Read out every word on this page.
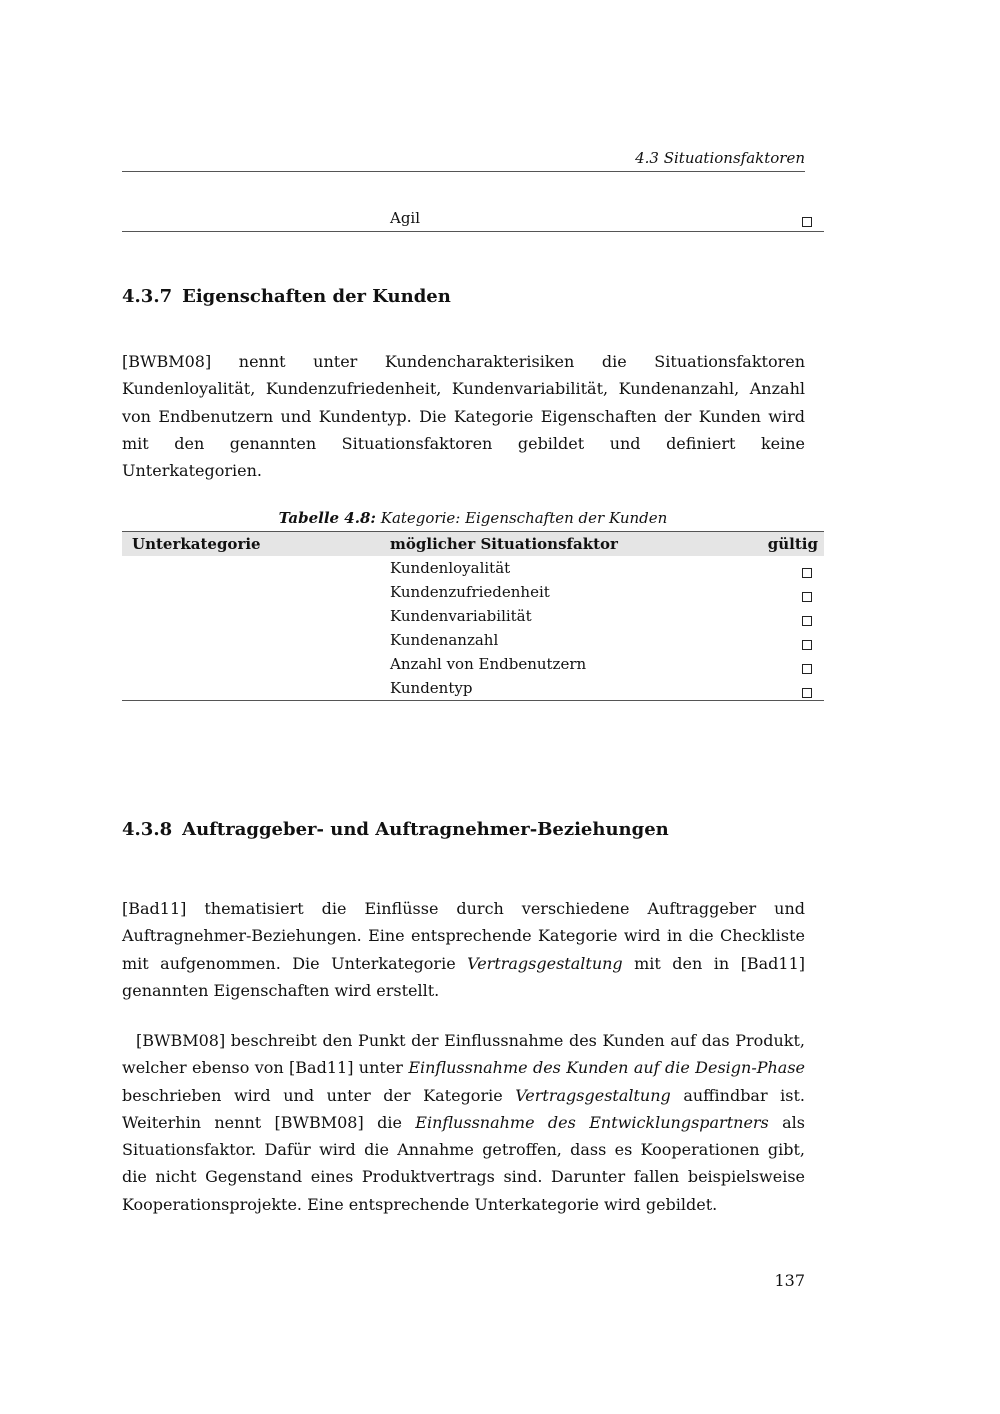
4.3 Situationsfaktoren
Agil
4.3.7 Eigenschaften der Kunden
[BWBM08] nennt unter Kundencharakterisiken die Situationsfaktoren Kundenloyalität, Kundenzufriedenheit, Kundenvariabilität, Kundenanzahl, Anzahl von Endbenutzern und Kundentyp. Die Kategorie Eigenschaften der Kunden wird mit den genannten Situationsfaktoren gebildet und definiert keine Unterkategorien.
Tabelle 4.8: Kategorie: Eigenschaften der Kunden
Unterkategorie	möglicher Situationsfaktor	gültig
Kundenloyalität
Kundenzufriedenheit
Kundenvariabilität
Kundenanzahl
Anzahl von Endbenutzern
Kundentyp
4.3.8 Auftraggeber- und Auftragnehmer-Beziehungen
[Bad11] thematisiert die Einflüsse durch verschiedene Auftraggeber und Auftragnehmer-Beziehungen. Eine entsprechende Kategorie wird in die Checkliste mit aufgenommen. Die Unterkategorie Vertragsgestaltung mit den in [Bad11] genannten Eigenschaften wird erstellt.
[BWBM08] beschreibt den Punkt der Einflussnahme des Kunden auf das Produkt, welcher ebenso von [Bad11] unter Einflussnahme des Kunden auf die Design-Phase beschrieben wird und unter der Kategorie Vertragsgestaltung auffindbar ist. Weiterhin nennt [BWBM08] die Einflussnahme des Entwicklungspartners als Situationsfaktor. Dafür wird die Annahme getroffen, dass es Kooperationen gibt, die nicht Gegenstand eines Produktvertrags sind. Darunter fallen beispielsweise Kooperationsprojekte. Eine entsprechende Unterkategorie wird gebildet.
137
